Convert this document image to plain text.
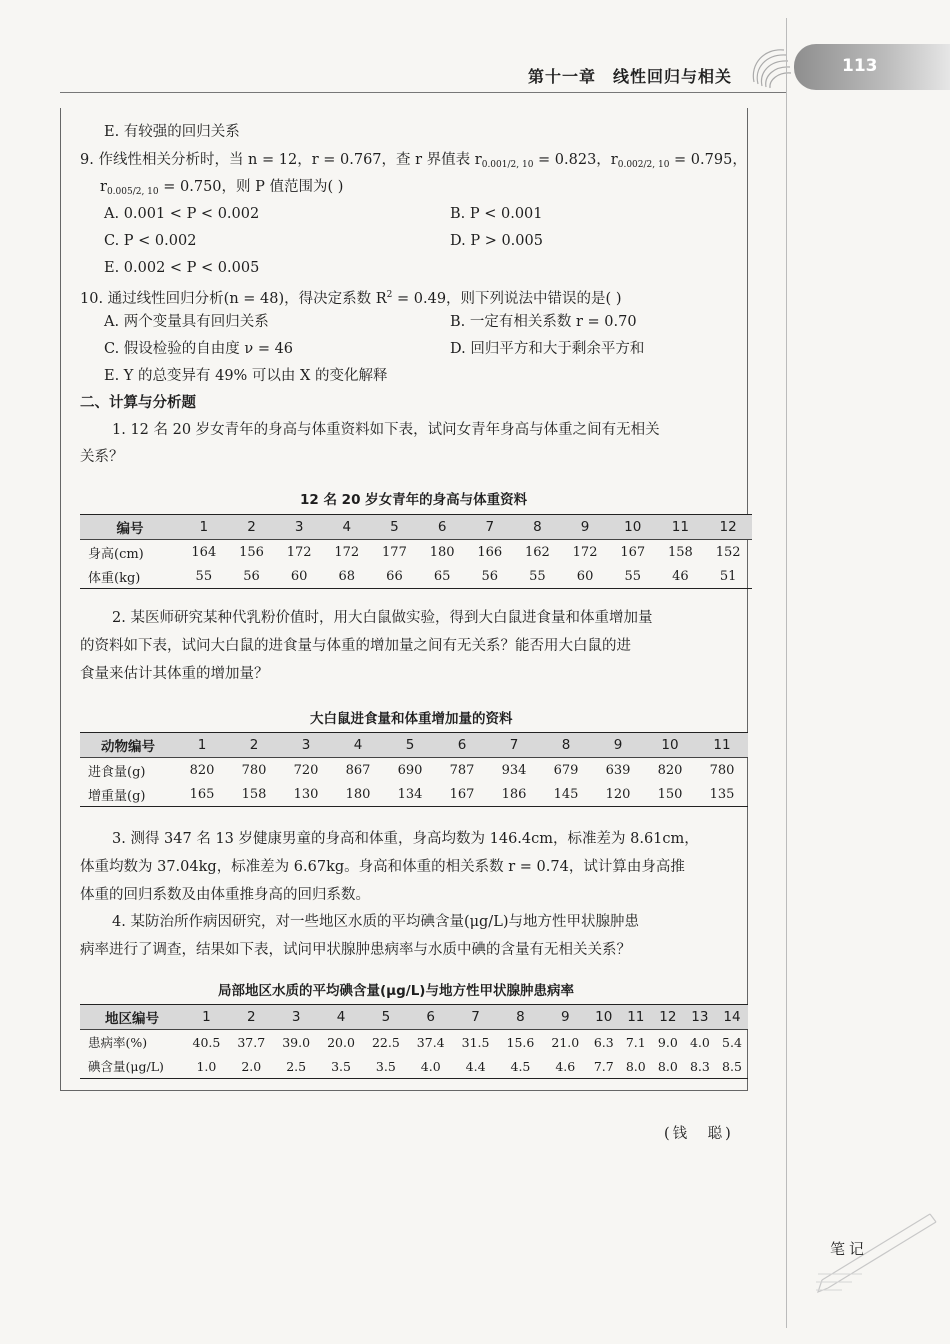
第十一章　 线性回归与相关
113
E. 有较强的回归关系
9. 作线性相关分析时，当 n = 12，r = 0.767，查 r 界值表 $r_{0.001/2, 10} = 0.823$，$r_{0.002/2, 10} = 0.795$，
$r_{0.005/2, 10} = 0.750$，则 P 值范围为( )
A. 0.001 < P < 0.002	B. P < 0.001
C. P < 0.002	D. P > 0.005
E. 0.002 < P < 0.005
10. 通过线性回归分析(n = 48)，得决定系数 $R^2 = 0.49$，则下列说法中错误的是( )
A. 两个变量具有回归关系	B. 一定有相关系数 r = 0.70
C. 假设检验的自由度 ν = 46	D. 回归平方和大于剩余平方和
E. Y 的总变异有 49% 可以由 X 的变化解释
二、计算与分析题
1. 12 名 20 岁女青年的身高与体重资料如下表，试问女青年身高与体重之间有无相关
关系？
12 名 20 岁女青年的身高与体重资料
编号	1	2	3	4	5	6	7	8	9	10	11	12
身高(cm)	164	156	172	172	177	180	166	162	172	167	158	152
体重(kg)	55	56	60	68	66	65	56	55	60	55	46	51
2. 某医师研究某种代乳粉价值时，用大白鼠做实验，得到大白鼠进食量和体重增加量
的资料如下表，试问大白鼠的进食量与体重的增加量之间有无关系？能否用大白鼠的进
食量来估计其体重的增加量？
大白鼠进食量和体重增加量的资料
动物编号	1	2	3	4	5	6	7	8	9	10	11
进食量(g)	820	780	720	867	690	787	934	679	639	820	780
增重量(g)	165	158	130	180	134	167	186	145	120	150	135
3. 测得 347 名 13 岁健康男童的身高和体重，身高均数为 146.4cm，标准差为 8.61cm，
体重均数为 37.04kg，标准差为 6.67kg。身高和体重的相关系数 r = 0.74，试计算由身高推
体重的回归系数及由体重推身高的回归系数。
4. 某防治所作病因研究，对一些地区水质的平均碘含量(μg/L)与地方性甲状腺肿患
病率进行了调查，结果如下表，试问甲状腺肿患病率与水质中碘的含量有无相关关系？
局部地区水质的平均碘含量(μg/L)与地方性甲状腺肿患病率
地区编号	1	2	3	4	5	6	7	8	9	10	11	12	13	14
患病率(%)	40.5	37.7	39.0	20.0	22.5	37.4	31.5	15.6	21.0	6.3	7.1	9.0	4.0	5.4
碘含量(μg/L)	1.0	2.0	2.5	3.5	3.5	4.0	4.4	4.5	4.6	7.7	8.0	8.0	8.3	8.5
(钱　聪)
笔记
